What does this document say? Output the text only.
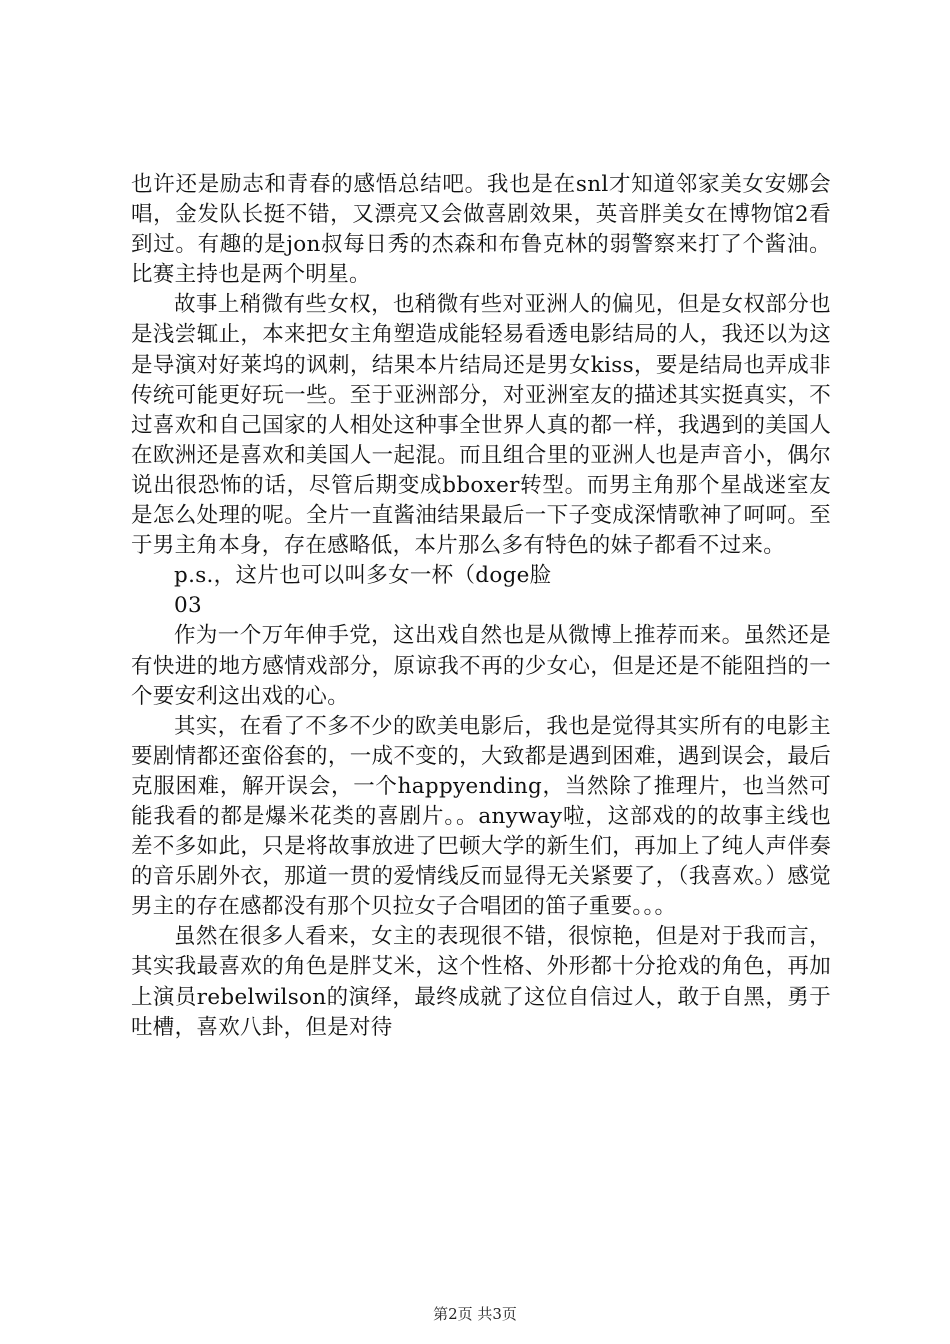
也许还是励志和青春的感悟总结吧。我也是在snl才知道邻家美女安娜会唱，金发队长挺不错，又漂亮又会做喜剧效果，英音胖美女在博物馆2看到过。有趣的是jon叔每日秀的杰森和布鲁克林的弱警察来打了个酱油。比赛主持也是两个明星。

故事上稍微有些女权，也稍微有些对亚洲人的偏见，但是女权部分也是浅尝辄止，本来把女主角塑造成能轻易看透电影结局的人，我还以为这是导演对好莱坞的讽刺，结果本片结局还是男女kiss，要是结局也弄成非传统可能更好玩一些。至于亚洲部分，对亚洲室友的描述其实挺真实，不过喜欢和自己国家的人相处这种事全世界人真的都一样，我遇到的美国人在欧洲还是喜欢和美国人一起混。而且组合里的亚洲人也是声音小，偶尔说出很恐怖的话，尽管后期变成bboxer转型。而男主角那个星战迷室友是怎么处理的呢。全片一直酱油结果最后一下子变成深情歌神了呵呵。至于男主角本身，存在感略低，本片那么多有特色的妹子都看不过来。

p.s.，这片也可以叫多女一杯（doge脸

03

作为一个万年伸手党，这出戏自然也是从微博上推荐而来。虽然还是有快进的地方感情戏部分，原谅我不再的少女心，但是还是不能阻挡的一个要安利这出戏的心。

其实，在看了不多不少的欧美电影后，我也是觉得其实所有的电影主要剧情都还蛮俗套的，一成不变的，大致都是遇到困难，遇到误会，最后克服困难，解开误会，一个happyending，当然除了推理片，也当然可能我看的都是爆米花类的喜剧片。。anyway啦，这部戏的的故事主线也差不多如此，只是将故事放进了巴顿大学的新生们，再加上了纯人声伴奏的音乐剧外衣，那道一贯的爱情线反而显得无关紧要了，（我喜欢。）感觉男主的存在感都没有那个贝拉女子合唱团的笛子重要。。。

虽然在很多人看来，女主的表现很不错，很惊艳，但是对于我而言，其实我最喜欢的角色是胖艾米，这个性格、外形都十分抢戏的角色，再加上演员rebelwilson的演绎，最终成就了这位自信过人，敢于自黑，勇于吐槽，喜欢八卦，但是对待

第2页 共3页
